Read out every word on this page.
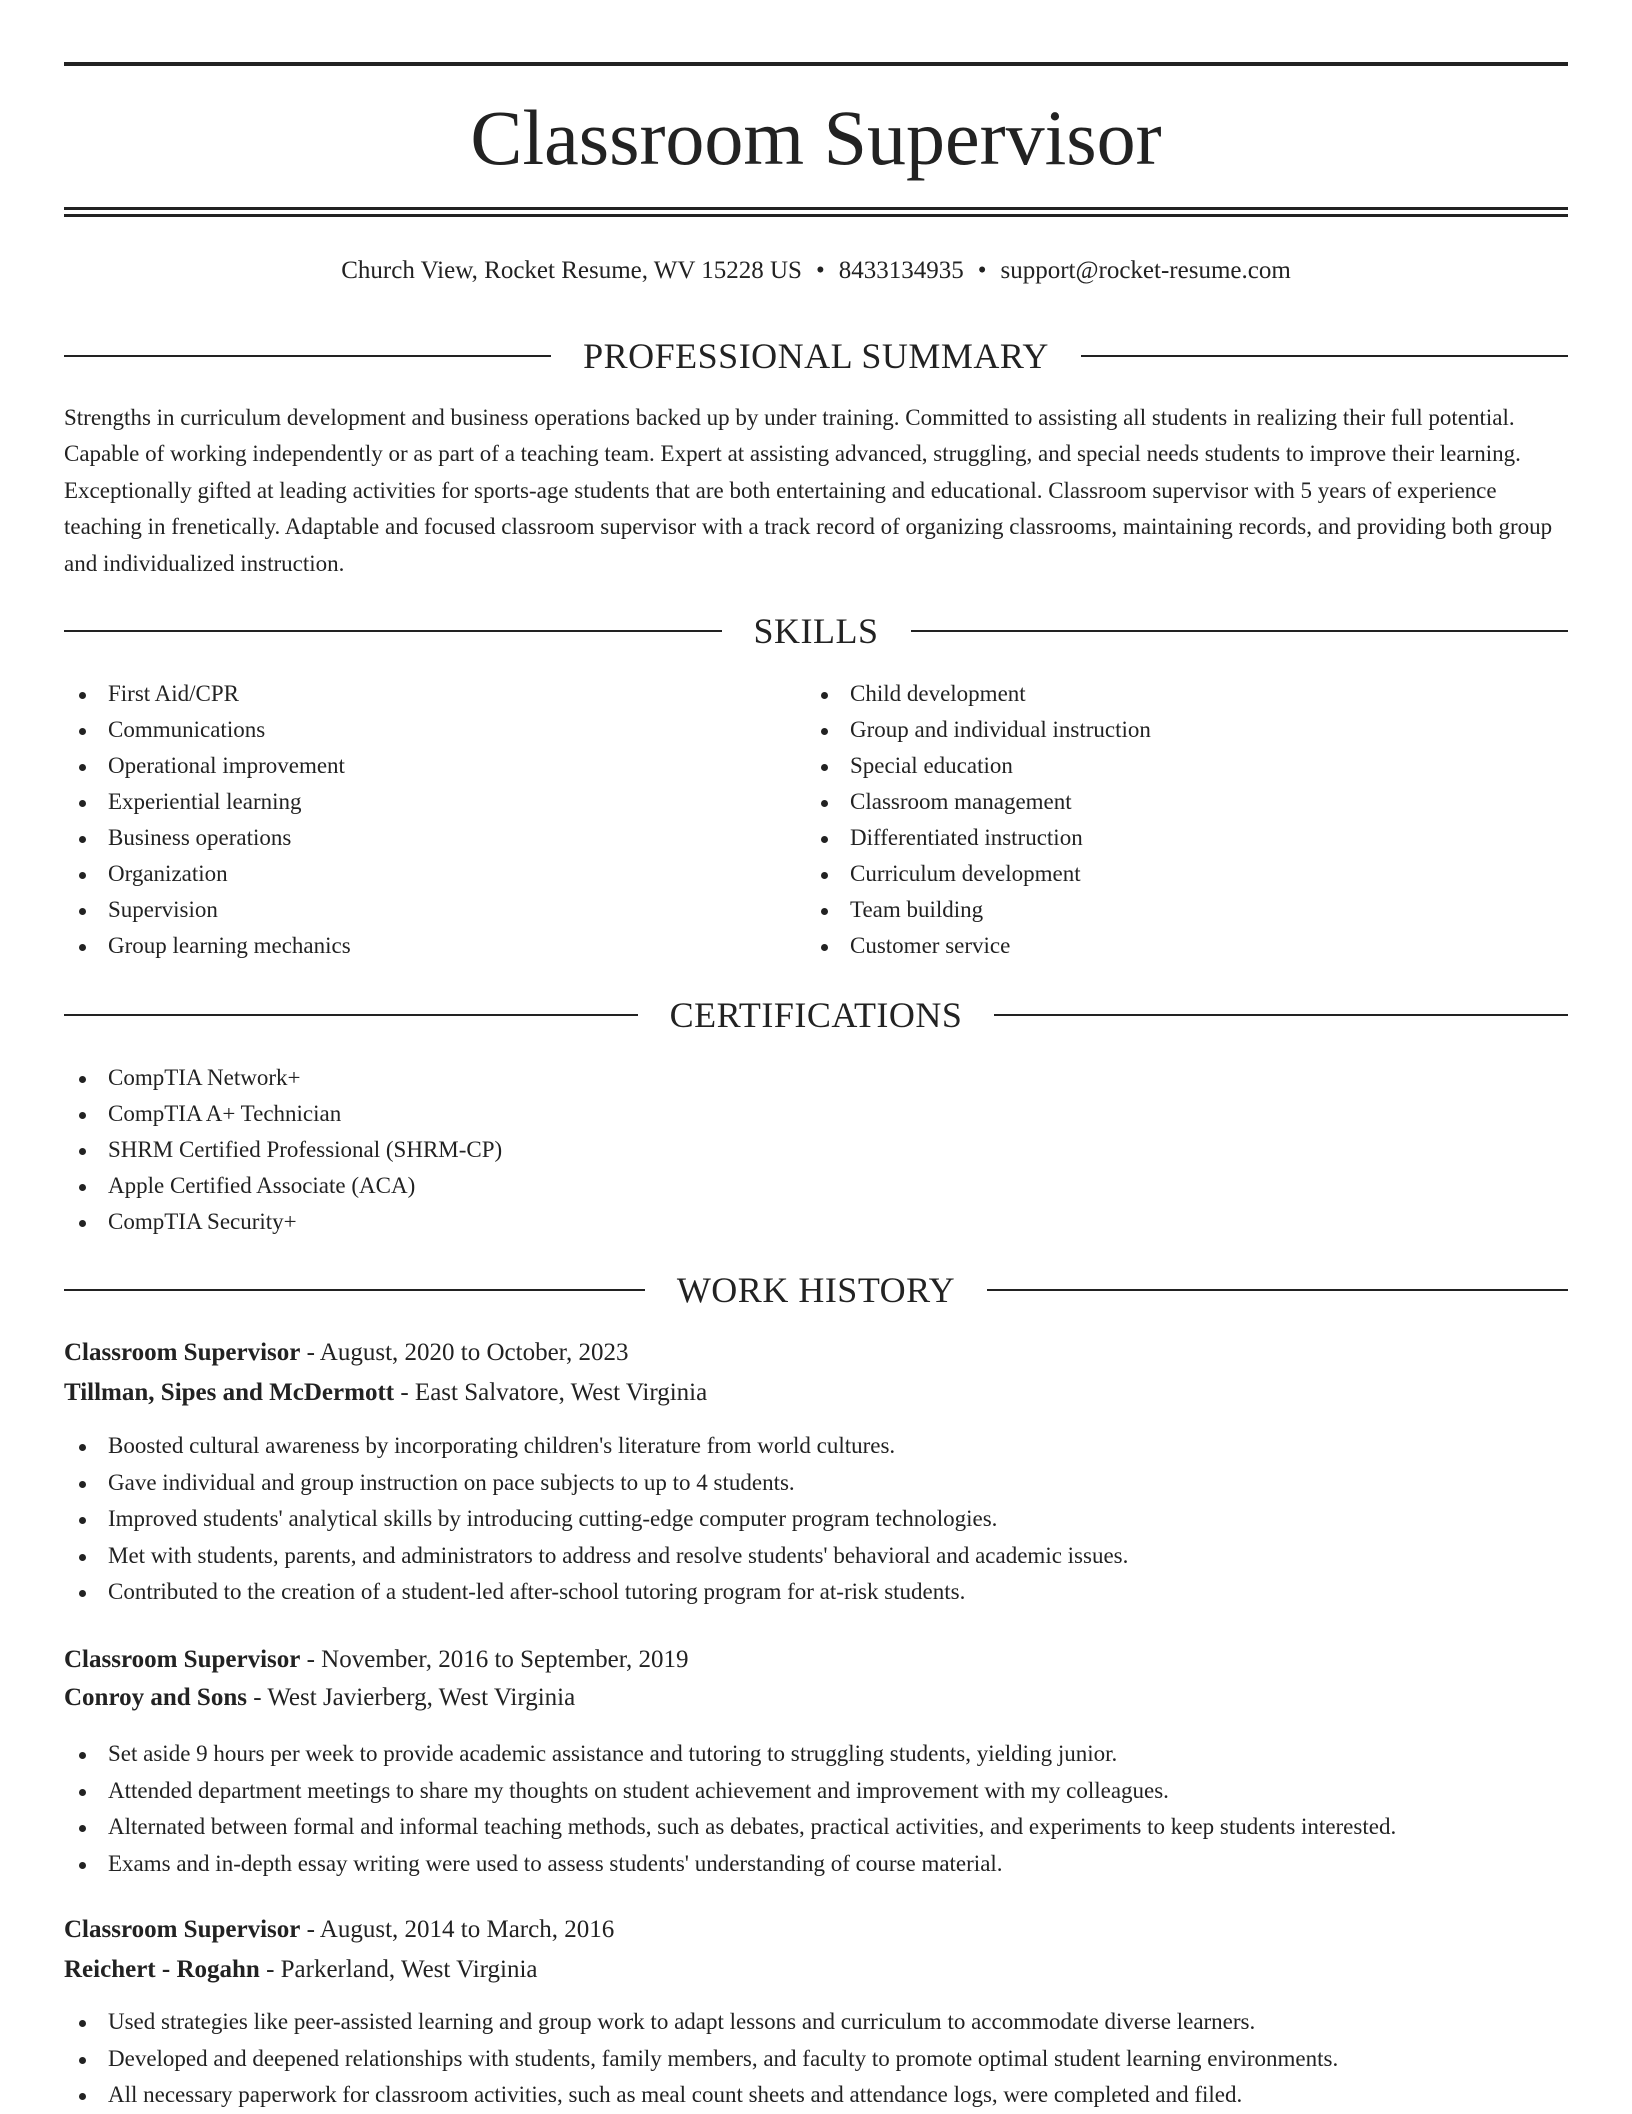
Classroom Supervisor
Church View, Rocket Resume, WV 15228 US • 8433134935 • support@rocket-resume.com
PROFESSIONAL SUMMARY

Strengths in curriculum development and business operations backed up by under training. Committed to assisting all students in realizing their full potential. Capable of working independently or as part of a teaching team. Expert at assisting advanced, struggling, and special needs students to improve their learning. Exceptionally gifted at leading activities for sports-age students that are both entertaining and educational. Classroom supervisor with 5 years of experience teaching in frenetically. Adaptable and focused classroom supervisor with a track record of organizing classrooms, maintaining records, and providing both group and individualized instruction.

SKILLS
First Aid/CPR
Communications
Operational improvement
Experiential learning
Business operations
Organization
Supervision
Group learning mechanics
Child development
Group and individual instruction
Special education
Classroom management
Differentiated instruction
Curriculum development
Team building
Customer service
CERTIFICATIONS
CompTIA Network+
CompTIA A+ Technician
SHRM Certified Professional (SHRM-CP)
Apple Certified Associate (ACA)
CompTIA Security+
WORK HISTORY
Classroom Supervisor - August, 2020 to October, 2023
Tillman, Sipes and McDermott - East Salvatore, West Virginia
Boosted cultural awareness by incorporating children's literature from world cultures.
Gave individual and group instruction on pace subjects to up to 4 students.
Improved students' analytical skills by introducing cutting-edge computer program technologies.
Met with students, parents, and administrators to address and resolve students' behavioral and academic issues.
Contributed to the creation of a student-led after-school tutoring program for at-risk students.
Classroom Supervisor - November, 2016 to September, 2019
Conroy and Sons - West Javierberg, West Virginia
Set aside 9 hours per week to provide academic assistance and tutoring to struggling students, yielding junior.
Attended department meetings to share my thoughts on student achievement and improvement with my colleagues.
Alternated between formal and informal teaching methods, such as debates, practical activities, and experiments to keep students interested.
Exams and in-depth essay writing were used to assess students' understanding of course material.
Classroom Supervisor - August, 2014 to March, 2016
Reichert - Rogahn - Parkerland, West Virginia
Used strategies like peer-assisted learning and group work to adapt lessons and curriculum to accommodate diverse learners.
Developed and deepened relationships with students, family members, and faculty to promote optimal student learning environments.
All necessary paperwork for classroom activities, such as meal count sheets and attendance logs, were completed and filed.
